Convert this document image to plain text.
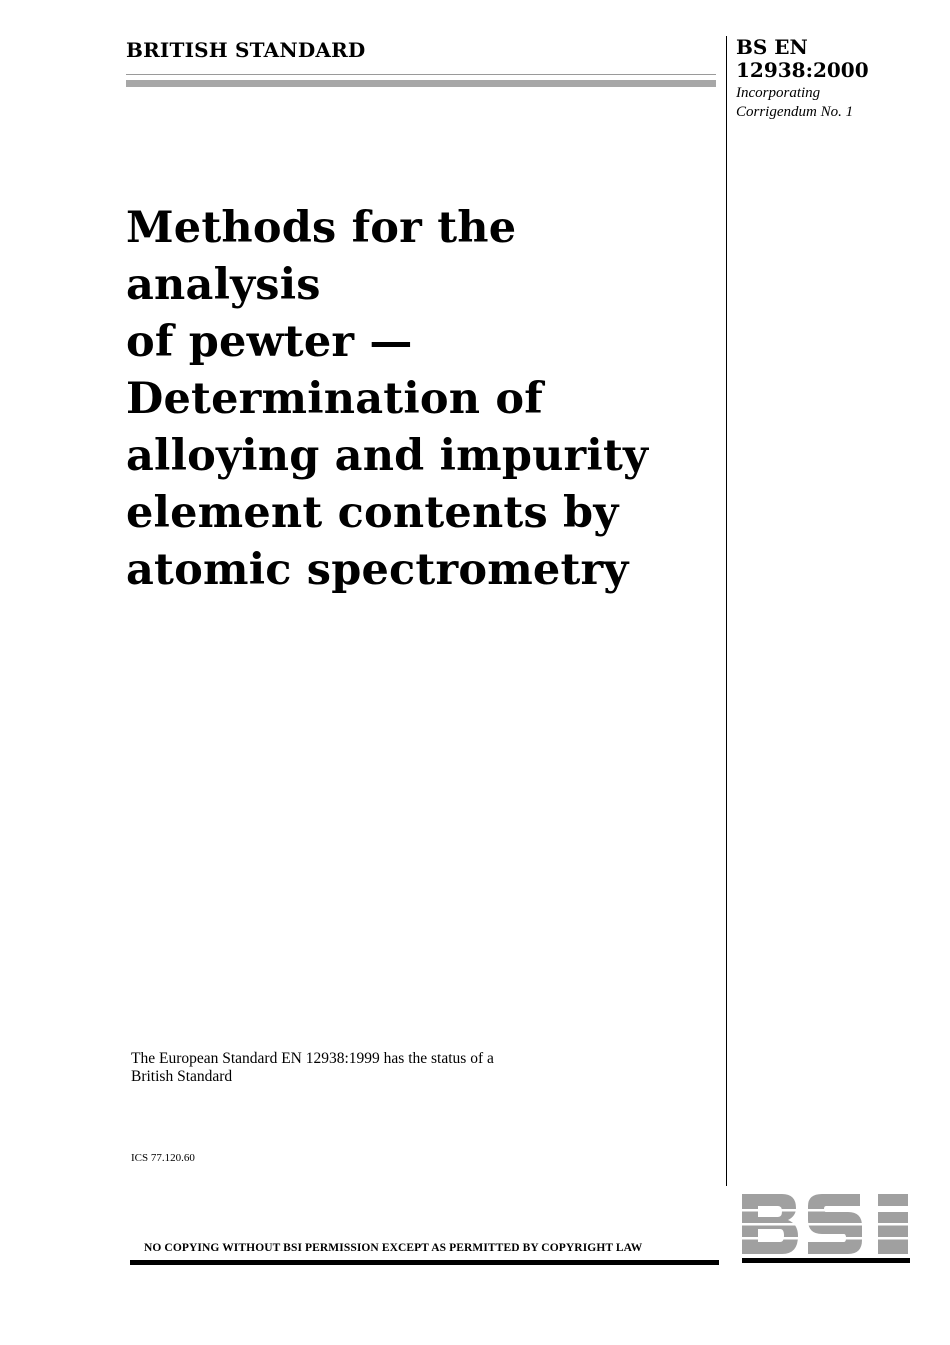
BRITISH STANDARD	BS EN
12938:2000
Incorporating
Corrigendum No. 1
Methods for the analysis
of pewter —
Determination of
alloying and impurity
element contents by
atomic spectrometry
The European Standard EN 12938:1999 has the status of a
British Standard
ICS 77.120.60
NO COPYING WITHOUT BSI PERMISSION EXCEPT AS PERMITTED BY COPYRIGHT LAW
